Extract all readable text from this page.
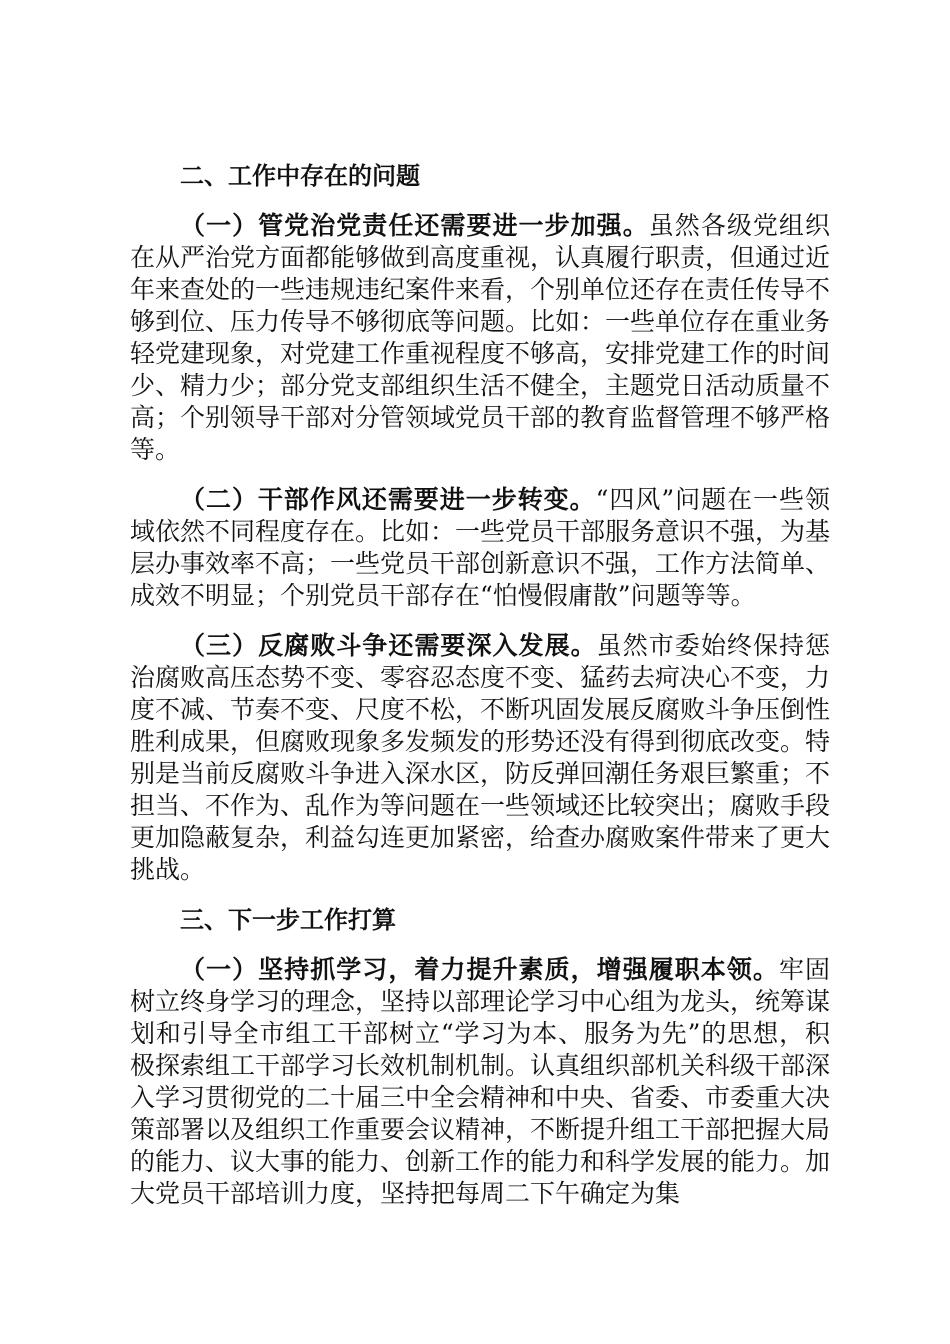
二、工作中存在的问题

（一）管党治党责任还需要进一步加强。虽然各级党组织在从严治党方面都能够做到高度重视，认真履行职责，但通过近年来查处的一些违规违纪案件来看，个别单位还存在责任传导不够到位、压力传导不够彻底等问题。比如：一些单位存在重业务轻党建现象，对党建工作重视程度不够高，安排党建工作的时间少、精力少；部分党支部组织生活不健全，主题党日活动质量不高；个别领导干部对分管领域党员干部的教育监督管理不够严格等。

（二）干部作风还需要进一步转变。“四风”问题在一些领域依然不同程度存在。比如：一些党员干部服务意识不强，为基层办事效率不高；一些党员干部创新意识不强，工作方法简单、成效不明显；个别党员干部存在“怕慢假庸散”问题等等。

（三）反腐败斗争还需要深入发展。虽然市委始终保持惩治腐败高压态势不变、零容忍态度不变、猛药去疴决心不变，力度不减、节奏不变、尺度不松，不断巩固发展反腐败斗争压倒性胜利成果，但腐败现象多发频发的形势还没有得到彻底改变。特别是当前反腐败斗争进入深水区，防反弹回潮任务艰巨繁重；不担当、不作为、乱作为等问题在一些领域还比较突出；腐败手段更加隐蔽复杂，利益勾连更加紧密，给查办腐败案件带来了更大挑战。

三、下一步工作打算

（一）坚持抓学习，着力提升素质，增强履职本领。牢固树立终身学习的理念，坚持以部理论学习中心组为龙头，统筹谋划和引导全市组工干部树立“学习为本、服务为先”的思想，积极探索组工干部学习长效机制机制。认真组织部机关科级干部深入学习贯彻党的二十届三中全会精神和中央、省委、市委重大决策部署以及组织工作重要会议精神，不断提升组工干部把握大局的能力、议大事的能力、创新工作的能力和科学发展的能力。加大党员干部培训力度，坚持把每周二下午确定为集
